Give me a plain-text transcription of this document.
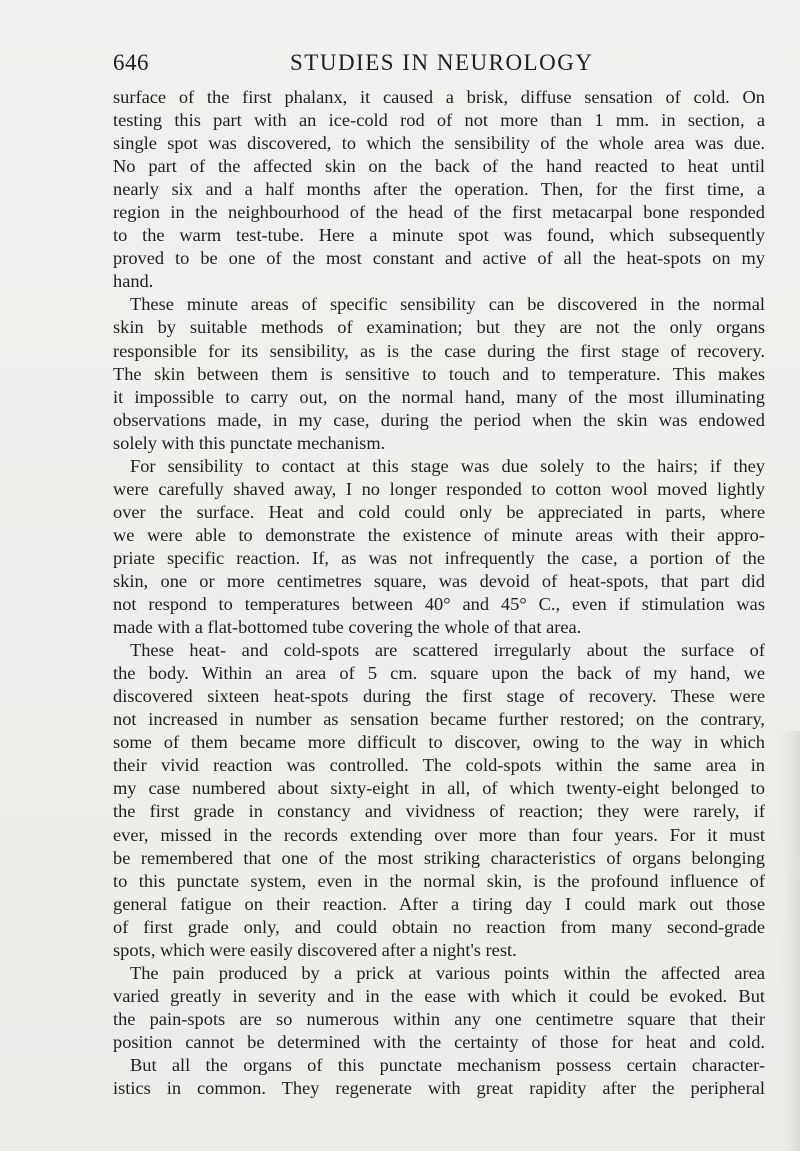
646	STUDIES IN NEUROLOGY
surface of the first phalanx, it caused a brisk, diffuse sensation of cold. On
testing this part with an ice-cold rod of not more than 1 mm. in section, a
single spot was discovered, to which the sensibility of the whole area was due.
No part of the affected skin on the back of the hand reacted to heat until
nearly six and a half months after the operation. Then, for the first time, a
region in the neighbourhood of the head of the first metacarpal bone responded
to the warm test-tube. Here a minute spot was found, which subsequently
proved to be one of the most constant and active of all the heat-spots on my
hand.
These minute areas of specific sensibility can be discovered in the normal
skin by suitable methods of examination; but they are not the only organs
responsible for its sensibility, as is the case during the first stage of recovery.
The skin between them is sensitive to touch and to temperature. This makes
it impossible to carry out, on the normal hand, many of the most illuminating
observations made, in my case, during the period when the skin was endowed
solely with this punctate mechanism.
For sensibility to contact at this stage was due solely to the hairs; if they
were carefully shaved away, I no longer responded to cotton wool moved lightly
over the surface. Heat and cold could only be appreciated in parts, where
we were able to demonstrate the existence of minute areas with their appro-
priate specific reaction. If, as was not infrequently the case, a portion of the
skin, one or more centimetres square, was devoid of heat-spots, that part did
not respond to temperatures between 40° and 45° C., even if stimulation was
made with a flat-bottomed tube covering the whole of that area.
These heat- and cold-spots are scattered irregularly about the surface of
the body. Within an area of 5 cm. square upon the back of my hand, we
discovered sixteen heat-spots during the first stage of recovery. These were
not increased in number as sensation became further restored; on the contrary,
some of them became more difficult to discover, owing to the way in which
their vivid reaction was controlled. The cold-spots within the same area in
my case numbered about sixty-eight in all, of which twenty-eight belonged to
the first grade in constancy and vividness of reaction; they were rarely, if
ever, missed in the records extending over more than four years. For it must
be remembered that one of the most striking characteristics of organs belonging
to this punctate system, even in the normal skin, is the profound influence of
general fatigue on their reaction. After a tiring day I could mark out those
of first grade only, and could obtain no reaction from many second-grade
spots, which were easily discovered after a night's rest.
The pain produced by a prick at various points within the affected area
varied greatly in severity and in the ease with which it could be evoked. But
the pain-spots are so numerous within any one centimetre square that their
position cannot be determined with the certainty of those for heat and cold.
But all the organs of this punctate mechanism possess certain character-
istics in common. They regenerate with great rapidity after the peripheral
